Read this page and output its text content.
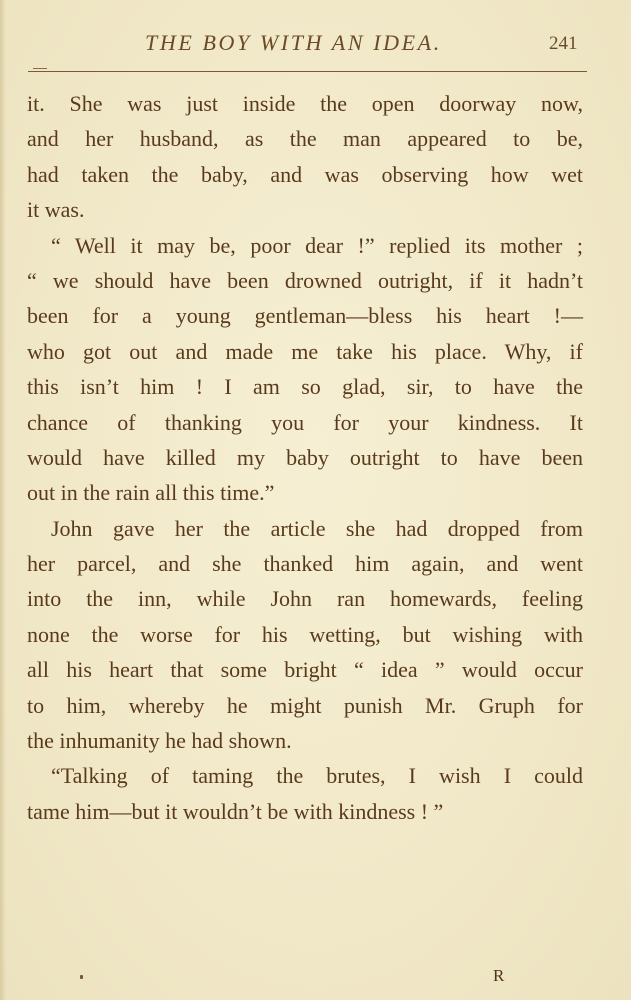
THE BOY WITH AN IDEA.	241
it. She was just inside the open doorway now,
and her husband, as the man appeared to be,
had taken the baby, and was observing how wet
it was.
“ Well it may be, poor dear !” replied its mother ;
“ we should have been drowned outright, if it hadn’t
been for a young gentleman—bless his heart !—
who got out and made me take his place. Why, if
this isn’t him ! I am so glad, sir, to have the
chance of thanking you for your kindness. It
would have killed my baby outright to have been
out in the rain all this time.”
John gave her the article she had dropped from
her parcel, and she thanked him again, and went
into the inn, while John ran homewards, feeling
none the worse for his wetting, but wishing with
all his heart that some bright “ idea ” would occur
to him, whereby he might punish Mr. Gruph for
the inhumanity he had shown.
“Talking of taming the brutes, I wish I could
tame him—but it wouldn’t be with kindness ! ”
R
